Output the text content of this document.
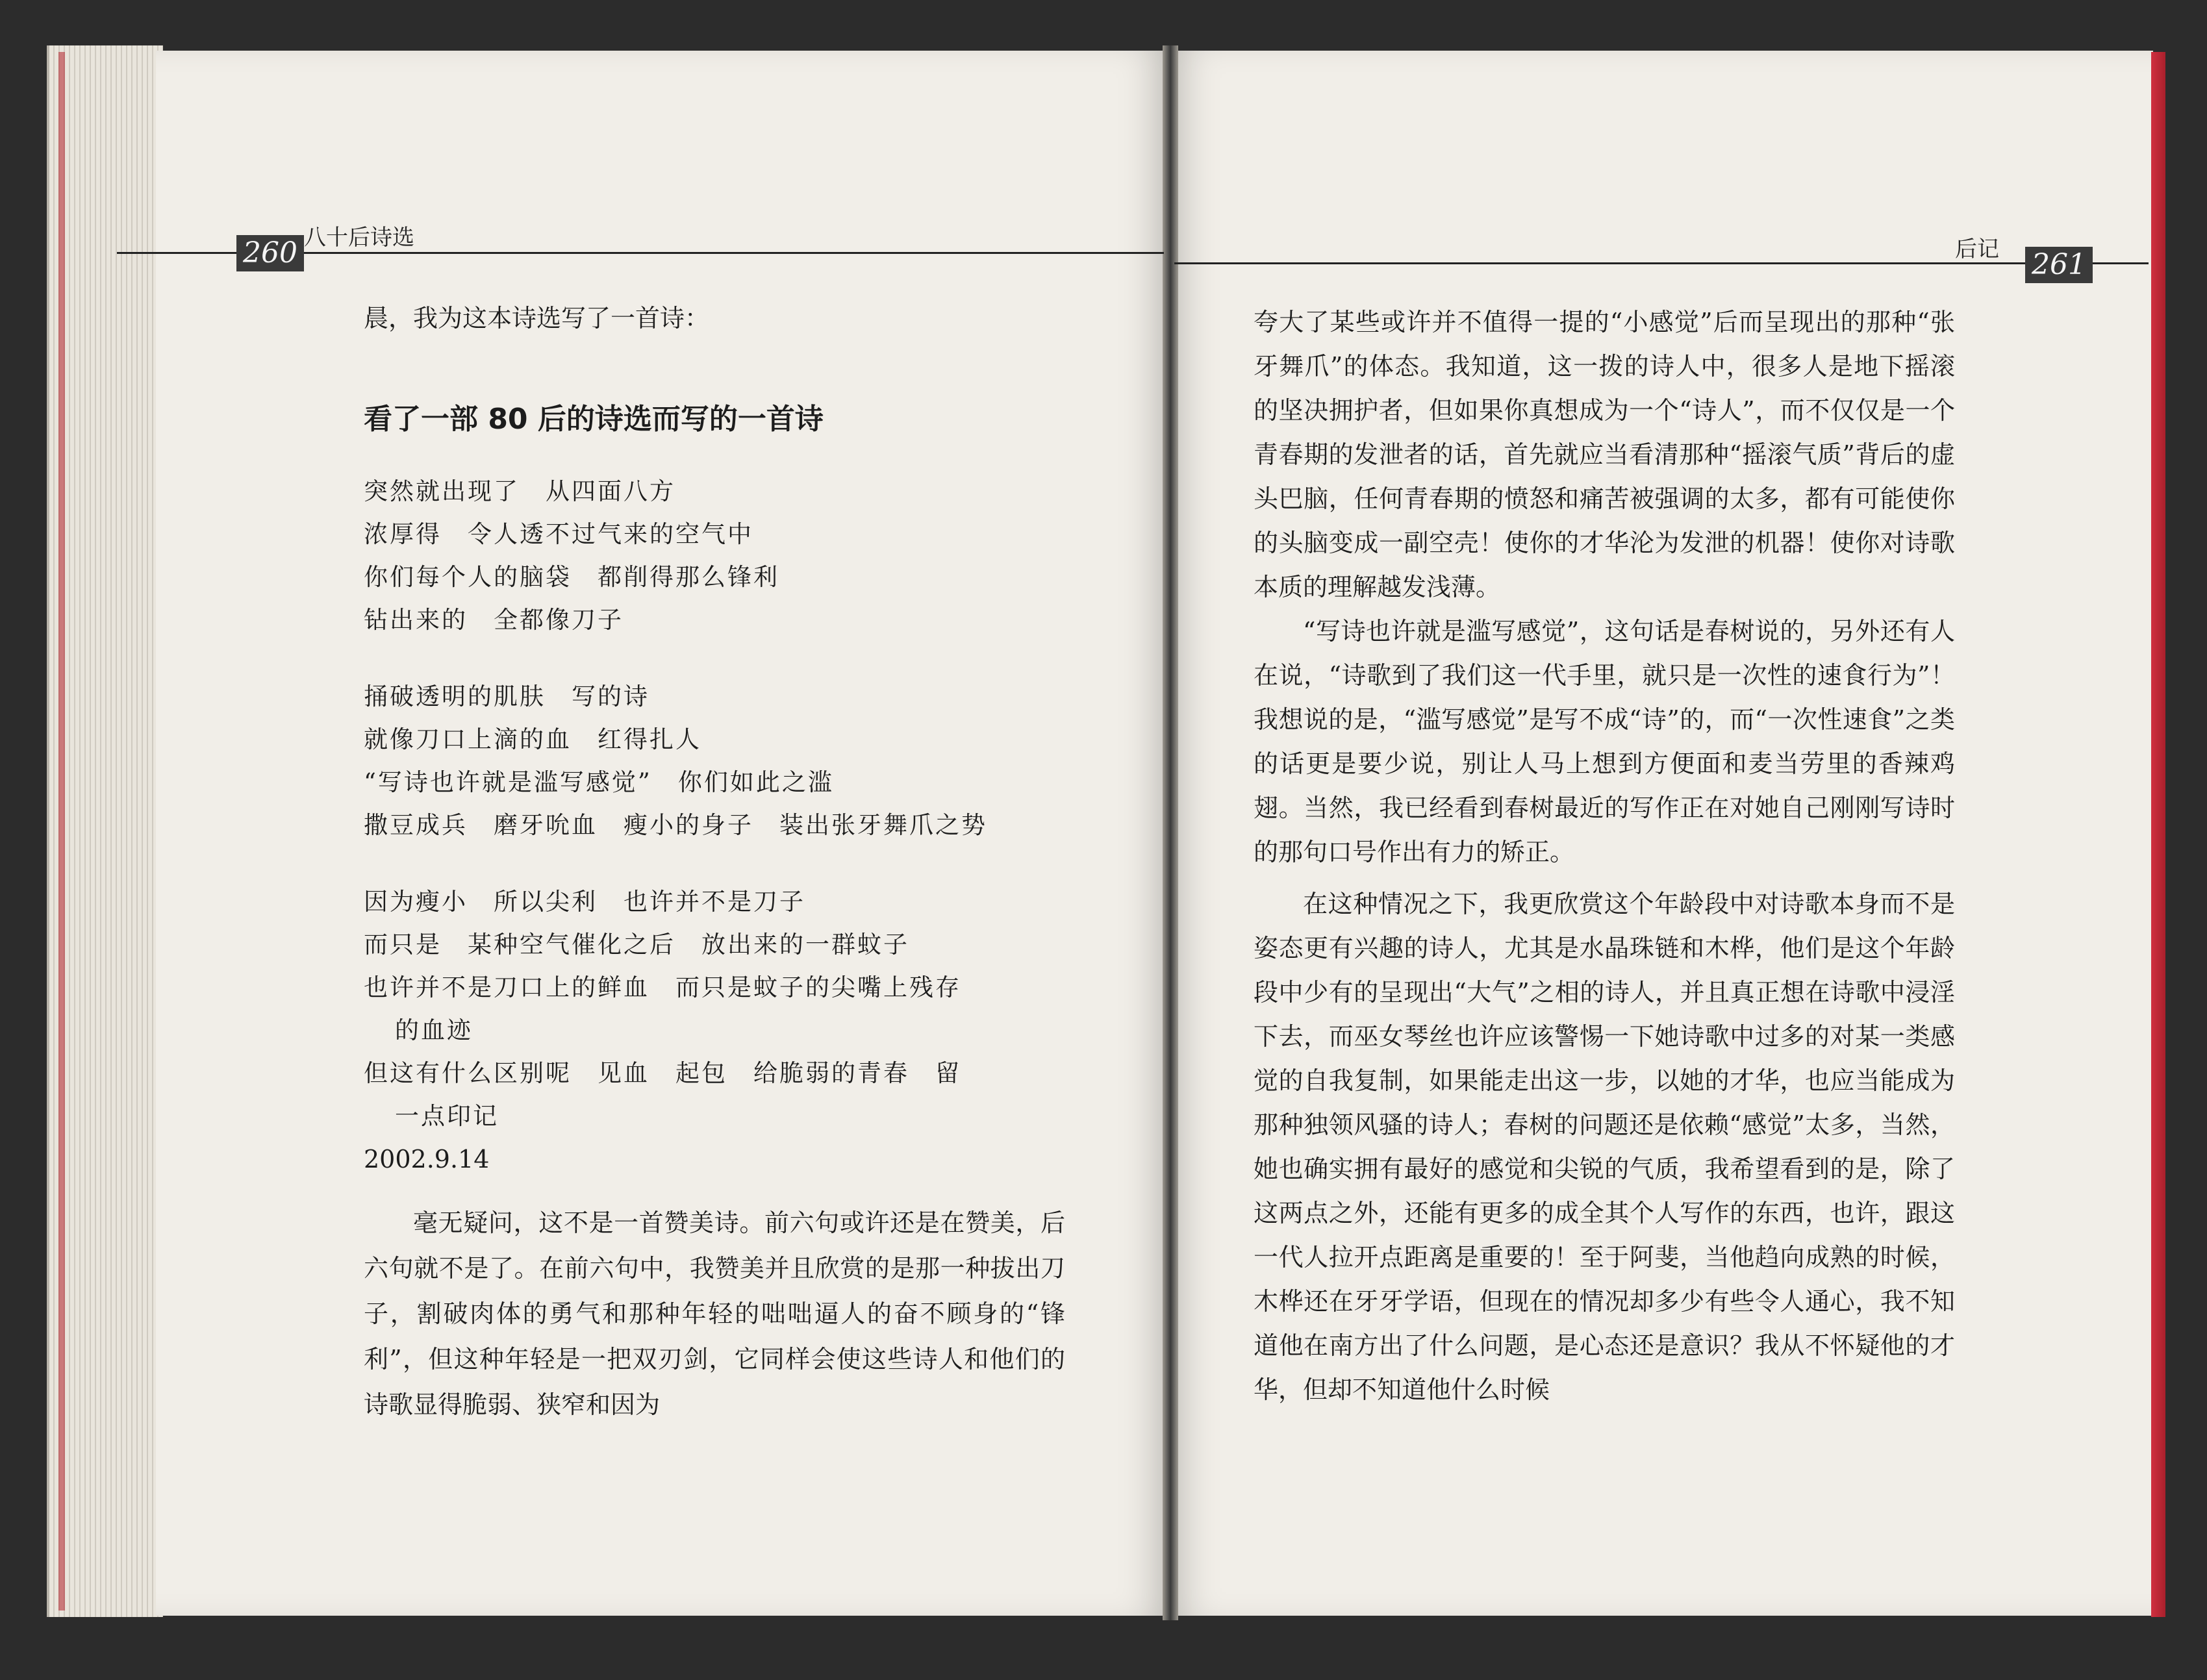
260 八十后诗选	后记 261

晨，我为这本诗选写了一首诗：

看了一部 80 后的诗选而写的一首诗

突然就出现了　从四面八方

浓厚得　令人透不过气来的空气中

你们每个人的脑袋　都削得那么锋利

钻出来的　全都像刀子

捅破透明的肌肤　写的诗

就像刀口上滴的血　红得扎人

“写诗也许就是滥写感觉”　你们如此之滥

撒豆成兵　磨牙吮血　瘦小的身子　装出张牙舞爪之势

因为瘦小　所以尖利　也许并不是刀子

而只是　某种空气催化之后　放出来的一群蚊子

也许并不是刀口上的鲜血　而只是蚊子的尖嘴上残存

的血迹

但这有什么区别呢　见血　起包　给脆弱的青春　留

一点印记

2002.9.14

毫无疑问，这不是一首赞美诗。前六句或许还是在赞美，后六句就不是了。在前六句中，我赞美并且欣赏的是那一种拔出刀子，割破肉体的勇气和那种年轻的咄咄逼人的奋不顾身的“锋利”，但这种年轻是一把双刃剑，它同样会使这些诗人和他们的诗歌显得脆弱、狭窄和因为

夸大了某些或许并不值得一提的“小感觉”后而呈现出的那种“张牙舞爪”的体态。我知道，这一拨的诗人中，很多人是地下摇滚的坚决拥护者，但如果你真想成为一个“诗人”，而不仅仅是一个青春期的发泄者的话，首先就应当看清那种“摇滚气质”背后的虚头巴脑，任何青春期的愤怒和痛苦被强调的太多，都有可能使你的头脑变成一副空壳！使你的才华沦为发泄的机器！使你对诗歌本质的理解越发浅薄。

“写诗也许就是滥写感觉”，这句话是春树说的，另外还有人在说，“诗歌到了我们这一代手里，就只是一次性的速食行为”！我想说的是，“滥写感觉”是写不成“诗”的，而“一次性速食”之类的话更是要少说，别让人马上想到方便面和麦当劳里的香辣鸡翅。当然，我已经看到春树最近的写作正在对她自己刚刚写诗时的那句口号作出有力的矫正。

在这种情况之下，我更欣赏这个年龄段中对诗歌本身而不是姿态更有兴趣的诗人，尤其是水晶珠链和木桦，他们是这个年龄段中少有的呈现出“大气”之相的诗人，并且真正想在诗歌中浸淫下去，而巫女琴丝也许应该警惕一下她诗歌中过多的对某一类感觉的自我复制，如果能走出这一步，以她的才华，也应当能成为那种独领风骚的诗人；春树的问题还是依赖“感觉”太多，当然，她也确实拥有最好的感觉和尖锐的气质，我希望看到的是，除了这两点之外，还能有更多的成全其个人写作的东西，也许，跟这一代人拉开点距离是重要的！至于阿斐，当他趋向成熟的时候，木桦还在牙牙学语，但现在的情况却多少有些令人通心，我不知道他在南方出了什么问题，是心态还是意识？我从不怀疑他的才华，但却不知道他什么时候
